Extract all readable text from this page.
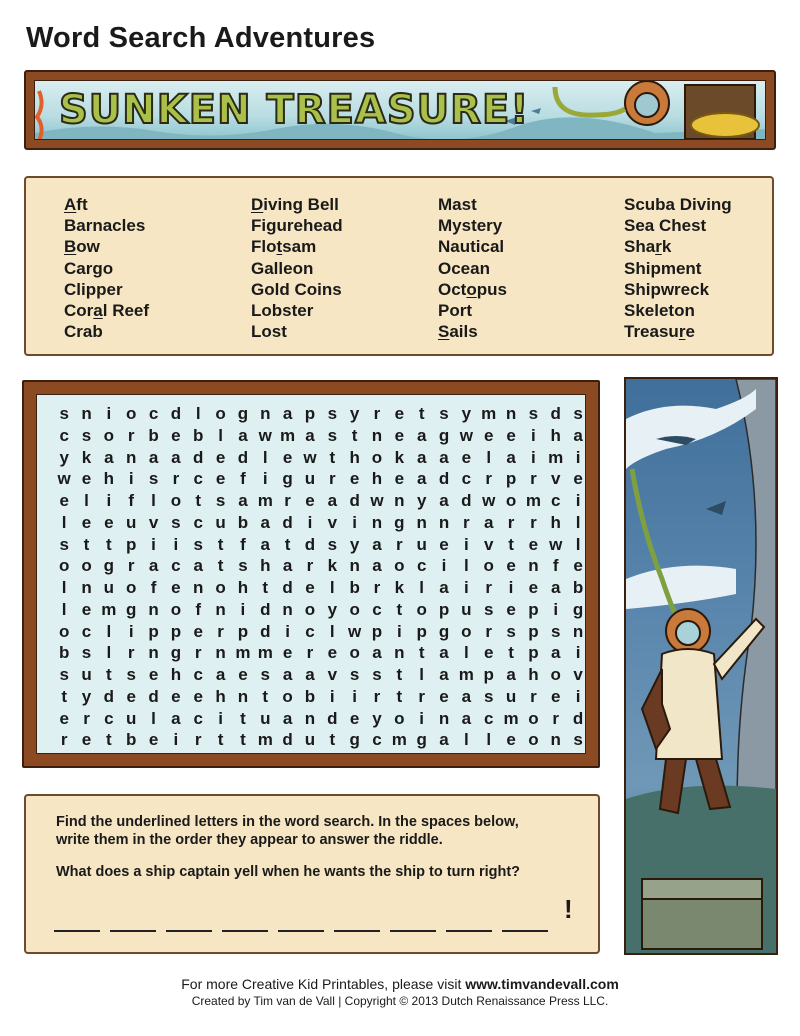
Word Search Adventures
SUNKEN TREASURE!
Aft
Barnacles
Bow
Cargo
Clipper
Coral Reef
Crab
Diving Bell
Figurehead
Flotsam
Galleon
Gold Coins
Lobster
Lost
Mast
Mystery
Nautical
Ocean
Octopus
Port
Sails
Scuba Diving
Sea Chest
Shark
Shipment
Shipwreck
Skeleton
Treasure
s n i o c d l o g n a p s y r e t s y m n s d s
c s o r b e b l a w m a s t n e a g w e e i h a
y k a n a a d e d l e w t h o k a a e l a i m i
w e h i s r c e f i g u r e h e a d c r p r v e
e l i f l o t s a m r e a d w n y a d w o m c i
l e e u v s c u b a d i v i n g n n r a r r h l
s t t p i i s t f a t d s y a r u e i v t e w l
o o g r a c a t s h a r k n a o c i l o e n f e
l n u o f e n o h t d e l b r k l a i r i e a b
l e m g n o f n i d n o y o c t o p u s e p i g
o c l i p p e r p d i c l w p i p g o r s p s n
b s l r n g r n m m e r e o a n t a l e t p a i
s u t s e h c a e s a a v s s t l a m p a h o v
t y d e d e e h n t o b i i r t r e a s u r e i
e r c u l a c i t u a n d e y o i n a c m o r d
r e t b e i r t t m d u t g c m g a l l e o n s
Find the underlined letters in the word search. In the spaces below,
write them in the order they appear to answer the riddle.
What does a ship captain yell when he wants the ship to turn right?
!
For more Creative Kid Printables, please visit www.timvandevall.com
Created by Tim van de Vall | Copyright © 2013 Dutch Renaissance Press LLC.
